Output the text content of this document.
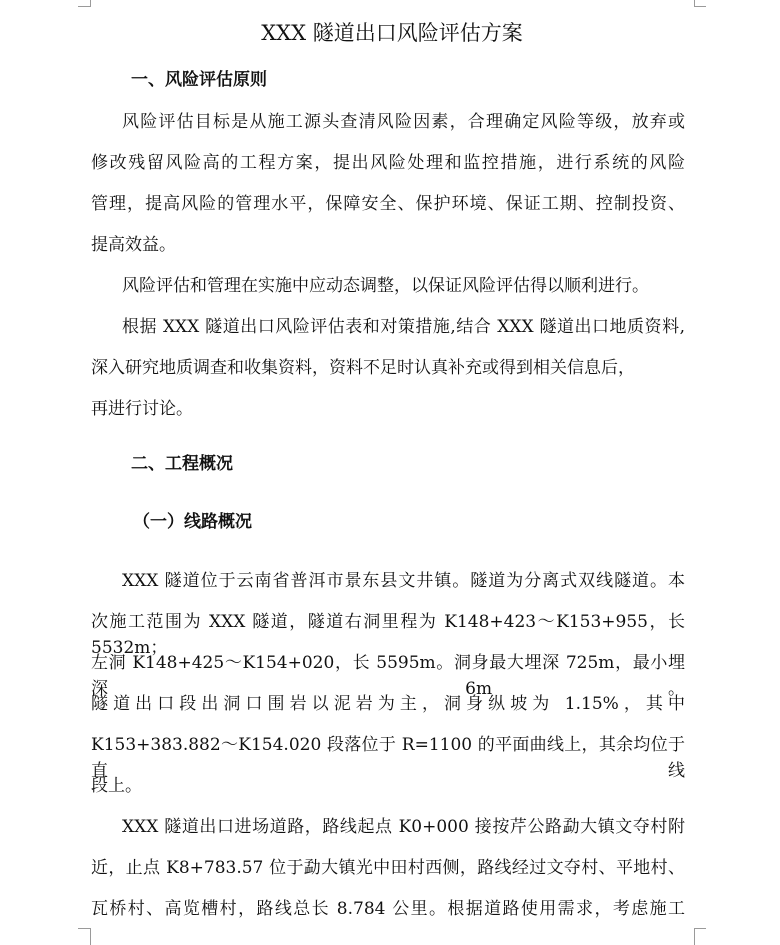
XXX 隧道出口风险评估方案
一、风险评估原则
风险评估目标是从施工源头查清风险因素，合理确定风险等级，放弃或
修改残留风险高的工程方案，提出风险处理和监控措施，进行系统的风险
管理，提高风险的管理水平，保障安全、保护环境、保证工期、控制投资、
提高效益。
风险评估和管理在实施中应动态调整，以保证风险评估得以顺利进行。
根据 XXX 隧道出口风险评估表和对策措施,结合 XXX 隧道出口地质资料,
深入研究地质调查和收集资料，资料不足时认真补充或得到相关信息后，
再进行讨论。
二、工程概况
（一）线路概况
XXX 隧道位于云南省普洱市景东县文井镇。隧道为分离式双线隧道。本
次施工范围为 XXX 隧道，隧道右洞里程为 K148+423～K153+955，长 5532m；
左洞 K148+425～K154+020，长 5595m。洞身最大埋深 725m，最小埋深 6m。
隧道出口段出洞口围岩以泥岩为主，洞身纵坡为 1.15%，其中
K153+383.882～K154.020 段落位于 R=1100 的平面曲线上，其余均位于直线
段上。
XXX 隧道出口进场道路，路线起点 K0+000 接按芹公路勐大镇文夺村附
近，止点 K8+783.57 位于勐大镇光中田村西侧，路线经过文夺村、平地村、
瓦桥村、高览槽村，路线总长 8.784 公里。根据道路使用需求，考虑施工
